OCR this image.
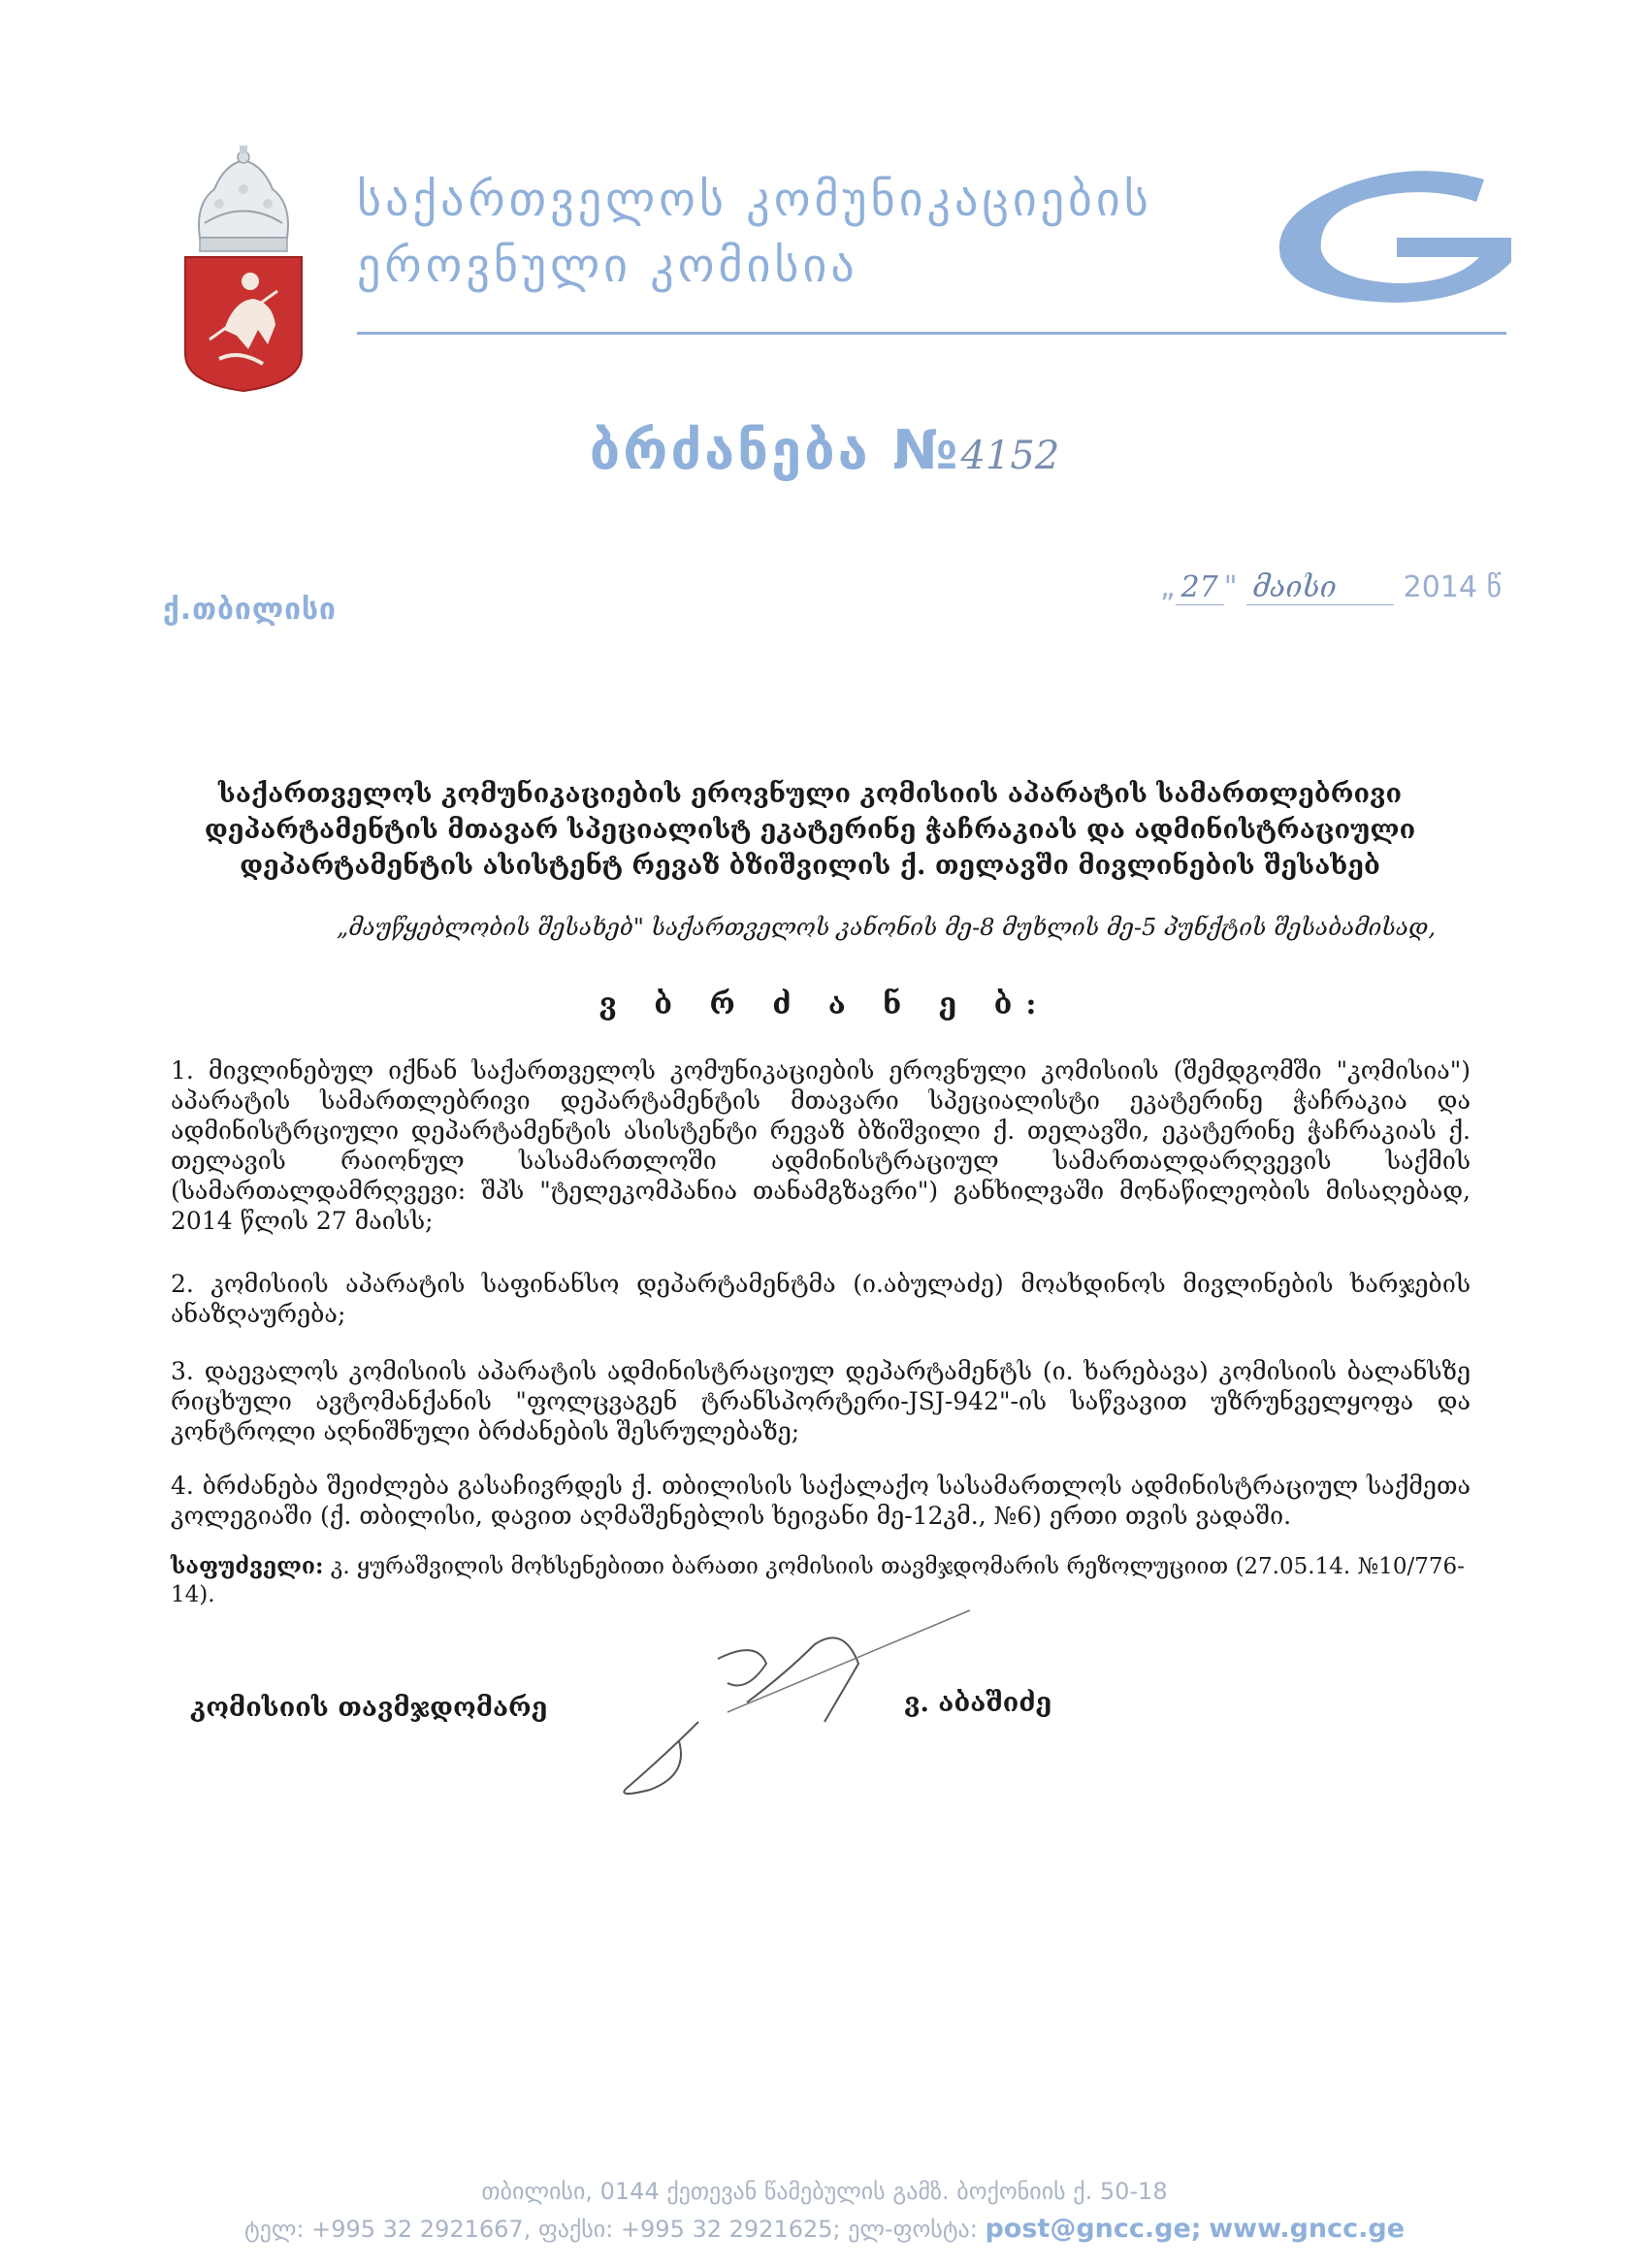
საქართველოს კომუნიკაციების
ეროვნული კომისია
ბრძანება №4152
ქ.თბილისი
„ 27 " მაისი 2014 წ
საქართველოს კომუნიკაციების ეროვნული კომისიის აპარატის სამართლებრივი დეპარტამენტის მთავარ სპეციალისტ ეკატერინე ჭაჩრაკიას და ადმინისტრაციული დეპარტამენტის ასისტენტ რევაზ ბზიშვილის ქ. თელავში მივლინების შესახებ
„მაუწყებლობის შესახებ" საქართველოს კანონის მე-8 მუხლის მე-5 პუნქტის შესაბამისად,
ვ ბ რ ძ ა ნ ე ბ:
1. მივლინებულ იქნან საქართველოს კომუნიკაციების ეროვნული კომისიის (შემდგომში "კომისია") აპარატის სამართლებრივი დეპარტამენტის მთავარი სპეციალისტი ეკატერინე ჭაჩრაკია და ადმინისტრციული დეპარტამენტის ასისტენტი რევაზ ბზიშვილი ქ. თელავში, ეკატერინე ჭაჩრაკიას ქ. თელავის რაიონულ სასამართლოში ადმინისტრაციულ სამართალდარღვევის საქმის (სამართალდამრღვევი: შპს "ტელეკომპანია თანამგზავრი") განხილვაში მონაწილეობის მისაღებად, 2014 წლის 27 მაისს;
2. კომისიის აპარატის საფინანსო დეპარტამენტმა (ი.აბულაძე) მოახდინოს მივლინების ხარჯების ანაზღაურება;
3. დაევალოს კომისიის აპარატის ადმინისტრაციულ დეპარტამენტს (ი. ხარებავა) კომისიის ბალანსზე რიცხული ავტომანქანის "ფოლცვაგენ ტრანსპორტერი-JSJ-942"-ის საწვავით უზრუნველყოფა და კონტროლი აღნიშნული ბრძანების შესრულებაზე;
4. ბრძანება შეიძლება გასაჩივრდეს ქ. თბილისის საქალაქო სასამართლოს ადმინისტრაციულ საქმეთა კოლეგიაში (ქ. თბილისი, დავით აღმაშენებლის ხეივანი მე-12კმ., №6) ერთი თვის ვადაში.
საფუძველი: კ. ყურაშვილის მოხსენებითი ბარათი კომისიის თავმჯდომარის რეზოლუციით (27.05.14. №10/776-14).
კომისიის თავმჯდომარე	ვ. აბაშიძე
თბილისი, 0144 ქეთევან წამებულის გამზ. ბოქონიის ქ. 50-18
ტელ: +995 32 2921667, ფაქსი: +995 32 2921625; ელ-ფოსტა: post@gncc.ge; www.gncc.ge
